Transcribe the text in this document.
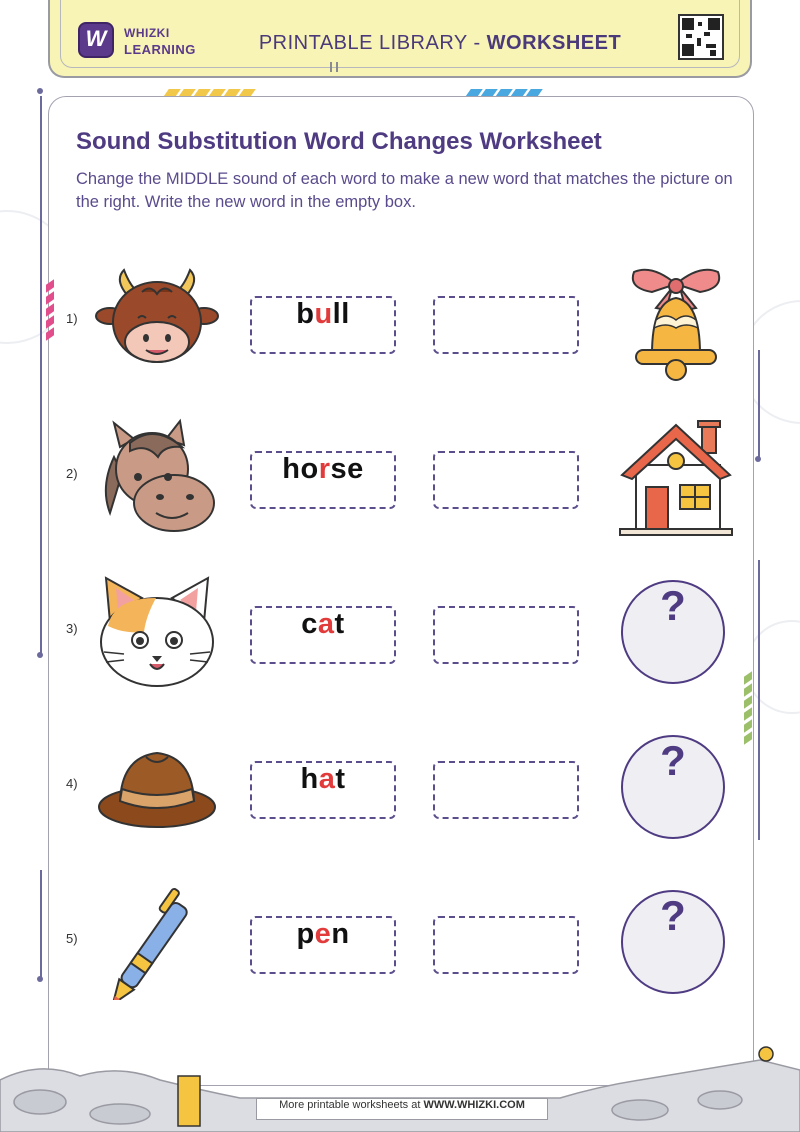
W	WHIZKI
LEARNING	PRINTABLE LIBRARY - WORKSHEET
Sound Substitution Word Changes Worksheet
Change the MIDDLE sound of each word to make a new word that matches the picture on the right. Write the new word in the empty box.
1)	bull
2)	horse
3)	cat	?
4)	hat	?
5)	pen	?
More printable worksheets at WWW.WHIZKI.COM
